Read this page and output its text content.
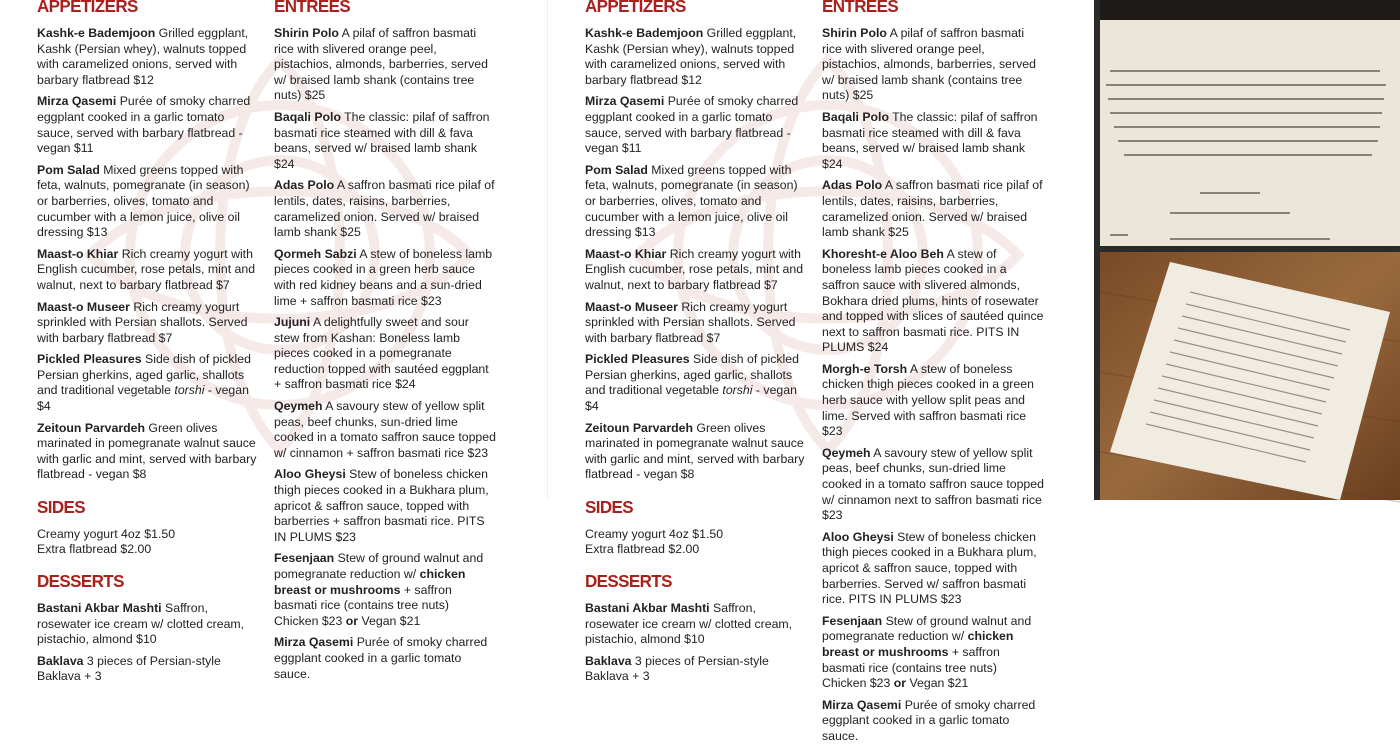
APPETIZERS
Kashk-e Bademjoon Grilled eggplant, Kashk (Persian whey), walnuts topped with caramelized onions, served with barbary flatbread $12
Mirza Qasemi Purée of smoky charred eggplant cooked in a garlic tomato sauce, served with barbary flatbread - vegan $11
Pom Salad Mixed greens topped with feta, walnuts, pomegranate (in season) or barberries, olives, tomato and cucumber with a lemon juice, olive oil dressing $13
Maast-o Khiar Rich creamy yogurt with English cucumber, rose petals, mint and walnut, next to barbary flatbread $7
Maast-o Museer Rich creamy yogurt sprinkled with Persian shallots. Served with barbary flatbread $7
Pickled Pleasures Side dish of pickled Persian gherkins, aged garlic, shallots and traditional vegetable torshi - vegan $4
Zeitoun Parvardeh Green olives marinated in pomegranate walnut sauce with garlic and mint, served with barbary flatbread - vegan $8
SIDES
Creamy yogurt 4oz $1.50
Extra flatbread $2.00
DESSERTS
Bastani Akbar Mashti Saffron, rosewater ice cream w/ clotted cream, pistachio, almond $10
Baklava 3 pieces of Persian-style Baklava + 3
ENTREES
Shirin Polo A pilaf of saffron basmati rice with slivered orange peel, pistachios, almonds, barberries, served w/ braised lamb shank (contains tree nuts) $25
Baqali Polo The classic: pilaf of saffron basmati rice steamed with dill & fava beans, served w/ braised lamb shank $24
Adas Polo A saffron basmati rice pilaf of lentils, dates, raisins, barberries, caramelized onion. Served w/ braised lamb shank $25
Qormeh Sabzi A stew of boneless lamb pieces cooked in a green herb sauce with red kidney beans and a sun-dried lime + saffron basmati rice $23
Jujuni A delightfully sweet and sour stew from Kashan: Boneless lamb pieces cooked in a pomegranate reduction topped with sautéed eggplant + saffron basmati rice $24
Qeymeh A savoury stew of yellow split peas, beef chunks, sun-dried lime cooked in a tomato saffron sauce topped w/ cinnamon + saffron basmati rice $23
Aloo Gheysi Stew of boneless chicken thigh pieces cooked in a Bukhara plum, apricot & saffron sauce, topped with barberries + saffron basmati rice. PITS IN PLUMS $23
Fesenjaan Stew of ground walnut and pomegranate reduction w/ chicken breast or mushrooms + saffron basmati rice (contains tree nuts) Chicken $23 or Vegan $21
Mirza Qasemi Purée of smoky charred eggplant cooked in a garlic tomato sauce.
APPETIZERS
Kashk-e Bademjoon Grilled eggplant, Kashk (Persian whey), walnuts topped with caramelized onions, served with barbary flatbread $12
Mirza Qasemi Purée of smoky charred eggplant cooked in a garlic tomato sauce, served with barbary flatbread - vegan $11
Pom Salad Mixed greens topped with feta, walnuts, pomegranate (in season) or barberries, olives, tomato and cucumber with a lemon juice, olive oil dressing $13
Maast-o Khiar Rich creamy yogurt with English cucumber, rose petals, mint and walnut, next to barbary flatbread $7
Maast-o Museer Rich creamy yogurt sprinkled with Persian shallots. Served with barbary flatbread $7
Pickled Pleasures Side dish of pickled Persian gherkins, aged garlic, shallots and traditional vegetable torshi - vegan $4
Zeitoun Parvardeh Green olives marinated in pomegranate walnut sauce with garlic and mint, served with barbary flatbread - vegan $8
SIDES
Creamy yogurt 4oz $1.50
Extra flatbread $2.00
DESSERTS
Bastani Akbar Mashti Saffron, rosewater ice cream w/ clotted cream, pistachio, almond $10
Baklava 3 pieces of Persian-style Baklava + 3
ENTREES
Shirin Polo A pilaf of saffron basmati rice with slivered orange peel, pistachios, almonds, barberries, served w/ braised lamb shank (contains tree nuts) $25
Baqali Polo The classic: pilaf of saffron basmati rice steamed with dill & fava beans, served w/ braised lamb shank $24
Adas Polo A saffron basmati rice pilaf of lentils, dates, raisins, barberries, caramelized onion. Served w/ braised lamb shank $25
Khoresht-e Aloo Beh A stew of boneless lamb pieces cooked in a saffron sauce with slivered almonds, Bokhara dried plums, hints of rosewater and topped with slices of sautéed quince next to saffron basmati rice. PITS IN PLUMS $24
Morgh-e Torsh A stew of boneless chicken thigh pieces cooked in a green herb sauce with yellow split peas and lime. Served with saffron basmati rice $23
Qeymeh A savoury stew of yellow split peas, beef chunks, sun-dried lime cooked in a tomato saffron sauce topped w/ cinnamon next to saffron basmati rice $23
Aloo Gheysi Stew of boneless chicken thigh pieces cooked in a Bukhara plum, apricot & saffron sauce, topped with barberries. Served w/ saffron basmati rice. PITS IN PLUMS $23
Fesenjaan Stew of ground walnut and pomegranate reduction w/ chicken breast or mushrooms + saffron basmati rice (contains tree nuts) Chicken $23 or Vegan $21
Mirza Qasemi Purée of smoky charred eggplant cooked in a garlic tomato sauce.
